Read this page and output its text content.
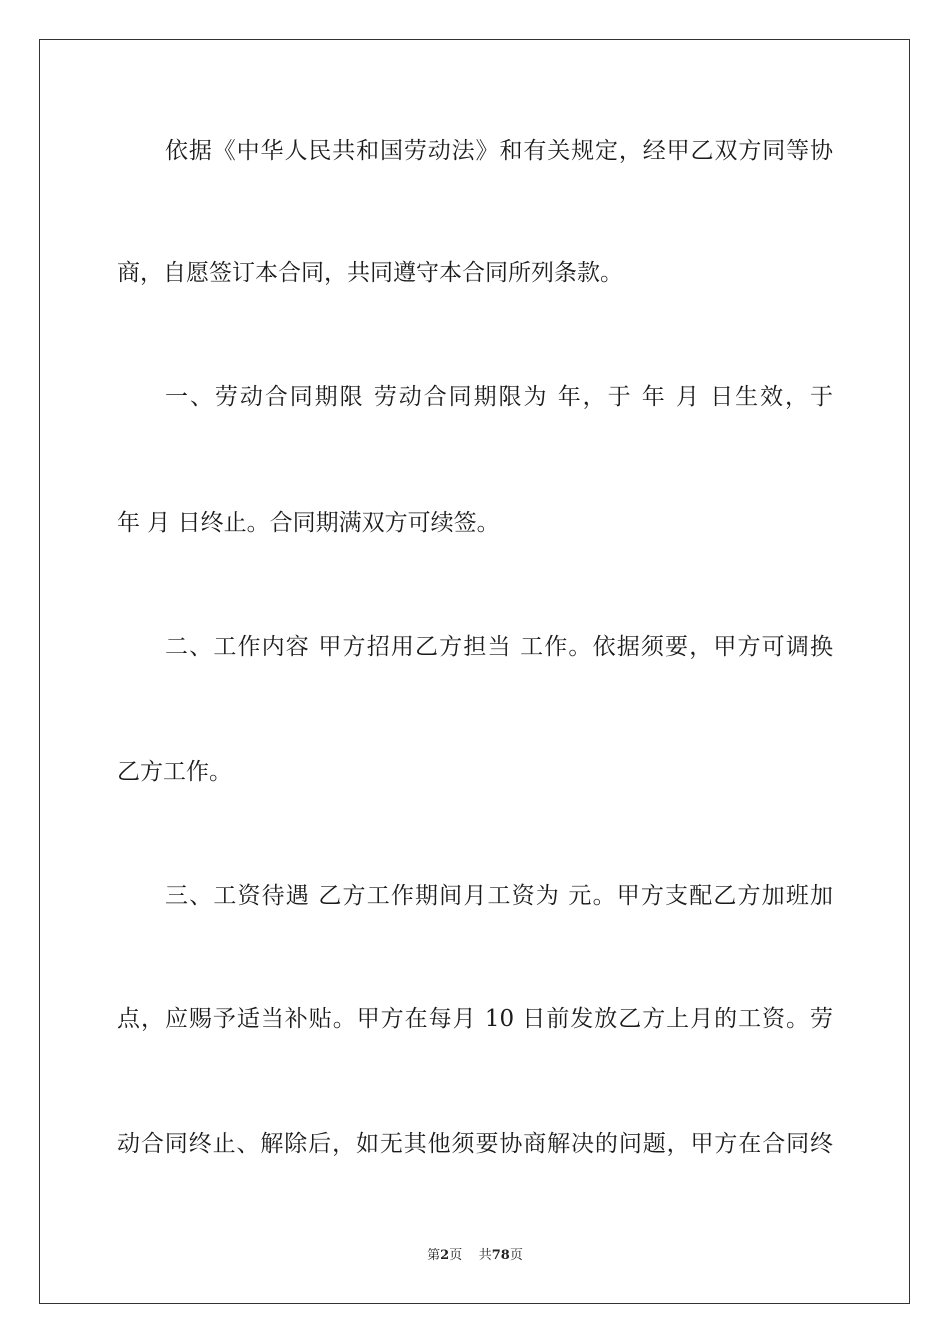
依据《中华人民共和国劳动法》和有关规定，经甲乙双方同等协
商，自愿签订本合同，共同遵守本合同所列条款。
一、劳动合同期限 劳动合同期限为 年，于 年 月 日生效，于
年 月 日终止。合同期满双方可续签。
二、工作内容 甲方招用乙方担当 工作。依据须要，甲方可调换
乙方工作。
三、工资待遇 乙方工作期间月工资为 元。甲方支配乙方加班加
点，应赐予适当补贴。甲方在每月 10 日前发放乙方上月的工资。劳
动合同终止、解除后，如无其他须要协商解决的问题，甲方在合同终
第2页 共78页
